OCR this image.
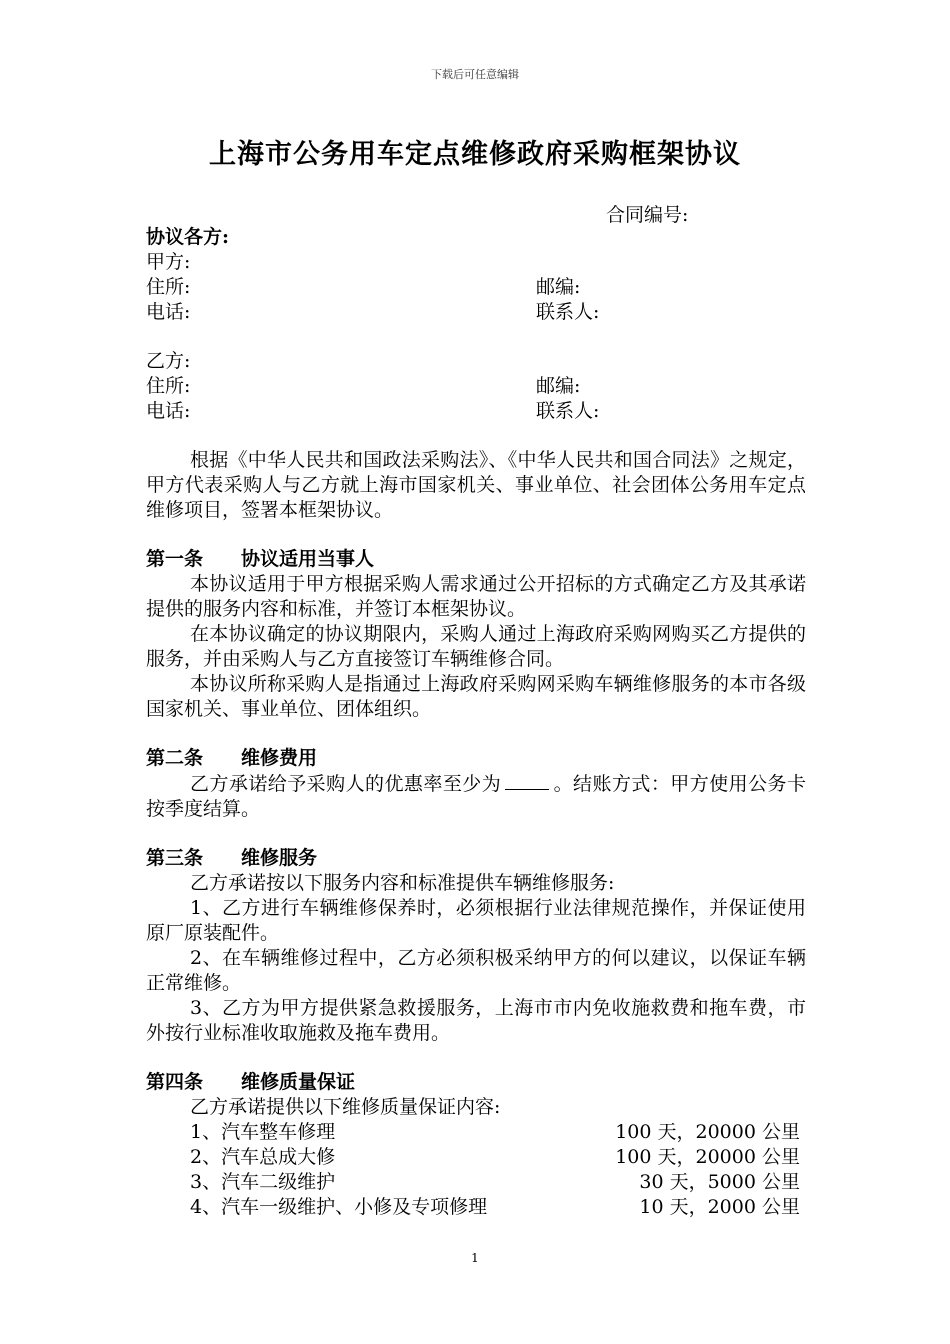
下载后可任意编辑
上海市公务用车定点维修政府采购框架协议
合同编号:
协议各方:
甲方:
住所:	邮编:
电话:	联系人:
乙方:
住所:	邮编:
电话:	联系人:
根据《中华人民共和国政法采购法》、《中华人民共和国合同法》之规定，甲方代表采购人与乙方就上海市国家机关、事业单位、社会团体公务用车定点维修项目，签署本框架协议。
第一条 协议适用当事人
本协议适用于甲方根据采购人需求通过公开招标的方式确定乙方及其承诺提供的服务内容和标准，并签订本框架协议。
在本协议确定的协议期限内，采购人通过上海政府采购网购买乙方提供的服务，并由采购人与乙方直接签订车辆维修合同。
本协议所称采购人是指通过上海政府采购网采购车辆维修服务的本市各级国家机关、事业单位、团体组织。
第二条 维修费用
乙方承诺给予采购人的优惠率至少为	。结账方式：甲方使用公务卡按季度结算。
第三条 维修服务
乙方承诺按以下服务内容和标准提供车辆维修服务:
1、乙方进行车辆维修保养时，必须根据行业法律规范操作，并保证使用原厂原装配件。
2、在车辆维修过程中，乙方必须积极采纳甲方的何以建议，以保证车辆正常维修。
3、乙方为甲方提供紧急救援服务，上海市市内免收施救费和拖车费，市外按行业标准收取施救及拖车费用。
第四条 维修质量保证
乙方承诺提供以下维修质量保证内容:
1、汽车整车修理	100 天，20000 公里
2、汽车总成大修	100 天，20000 公里
3、汽车二级维护	30 天，5000 公里
4、汽车一级维护、小修及专项修理	10 天，2000 公里
1
